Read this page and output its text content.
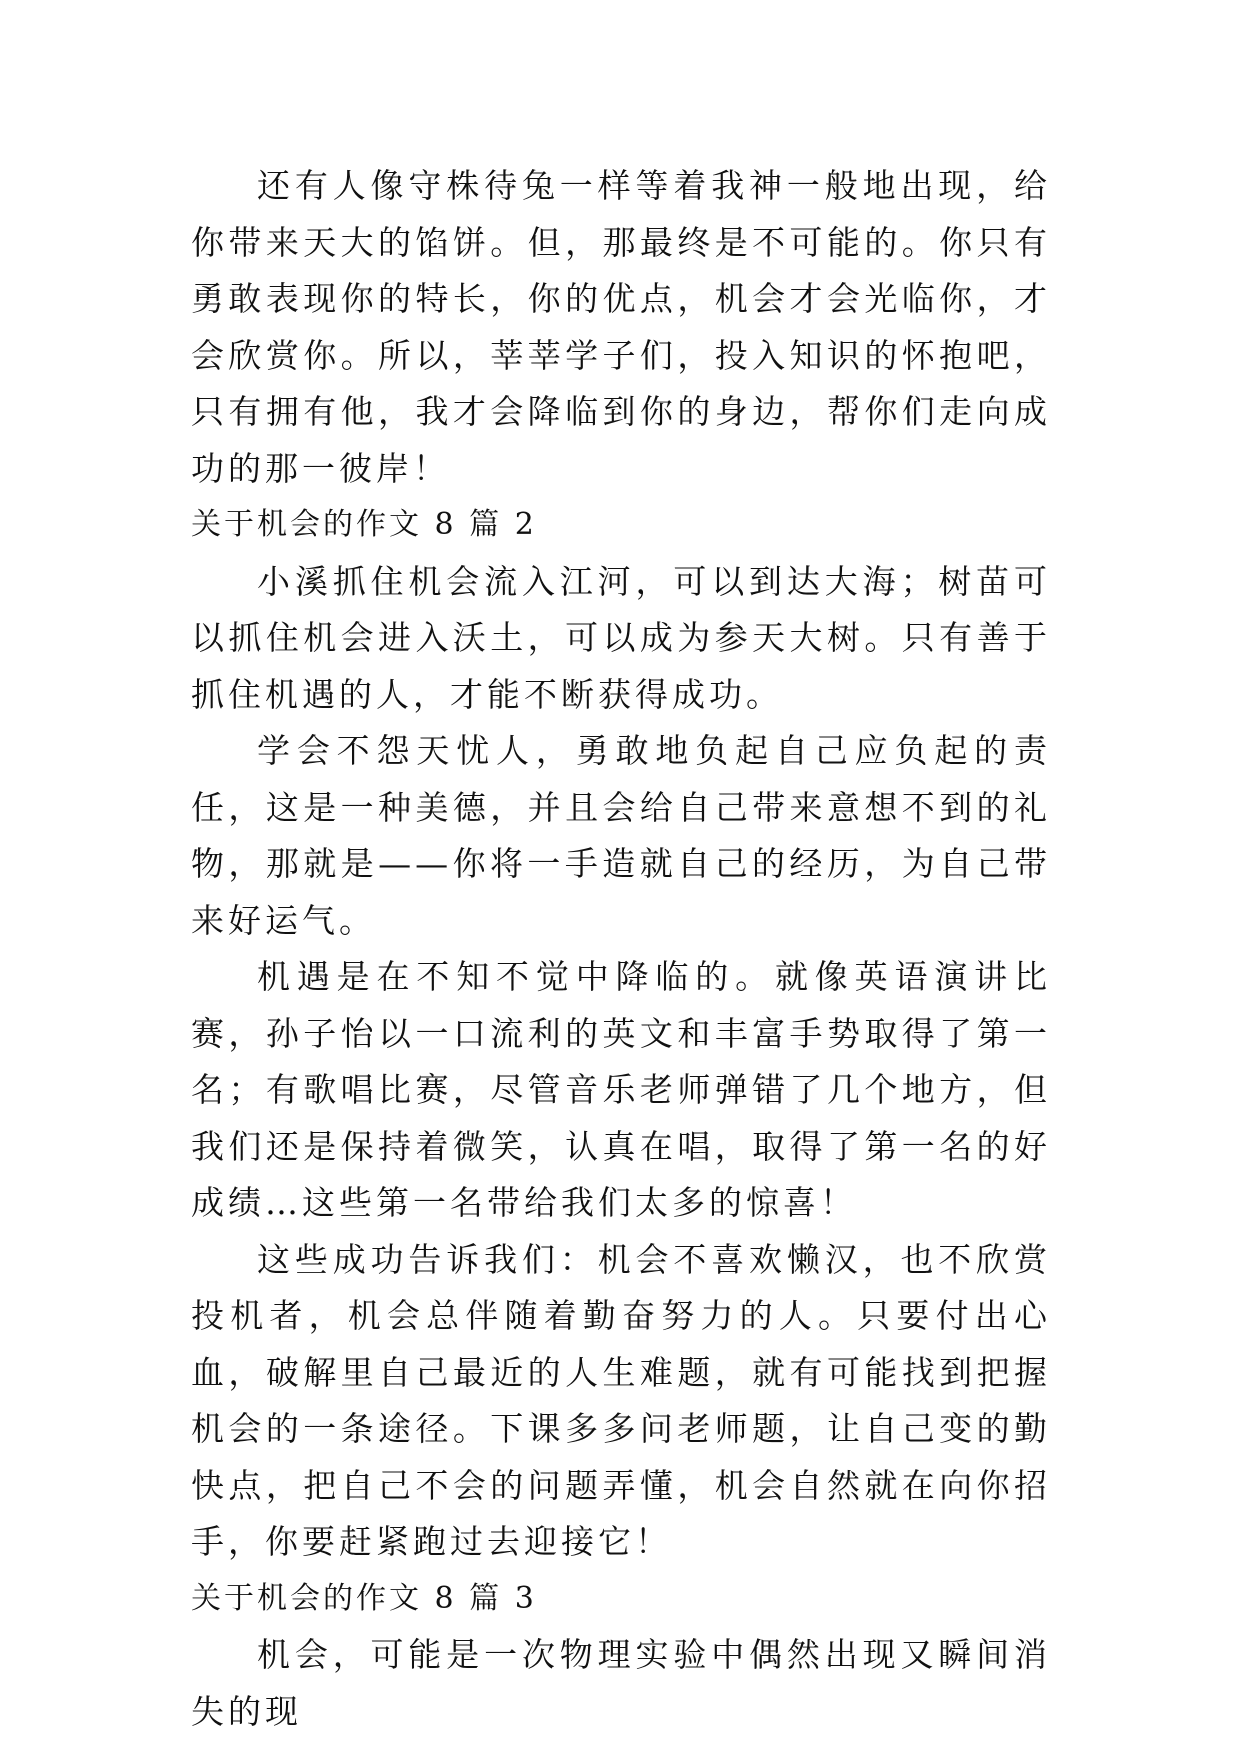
还有人像守株待兔一样等着我神一般地出现，给你带来天大的馅饼。但，那最终是不可能的。你只有勇敢表现你的特长，你的优点，机会才会光临你，才会欣赏你。所以，莘莘学子们，投入知识的怀抱吧，只有拥有他，我才会降临到你的身边，帮你们走向成功的那一彼岸！

关于机会的作文 8 篇 2

小溪抓住机会流入江河，可以到达大海；树苗可以抓住机会进入沃土，可以成为参天大树。只有善于抓住机遇的人，才能不断获得成功。

学会不怨天忧人，勇敢地负起自己应负起的责任，这是一种美德，并且会给自己带来意想不到的礼物，那就是——你将一手造就自己的经历，为自己带来好运气。

机遇是在不知不觉中降临的。就像英语演讲比赛，孙子怡以一口流利的英文和丰富手势取得了第一名；有歌唱比赛，尽管音乐老师弹错了几个地方，但我们还是保持着微笑，认真在唱，取得了第一名的好成绩…这些第一名带给我们太多的惊喜！

这些成功告诉我们：机会不喜欢懒汉，也不欣赏投机者，机会总伴随着勤奋努力的人。只要付出心血，破解里自己最近的人生难题，就有可能找到把握机会的一条途径。下课多多问老师题，让自己变的勤快点，把自己不会的问题弄懂，机会自然就在向你招手，你要赶紧跑过去迎接它！

关于机会的作文 8 篇 3

机会，可能是一次物理实验中偶然出现又瞬间消失的现
